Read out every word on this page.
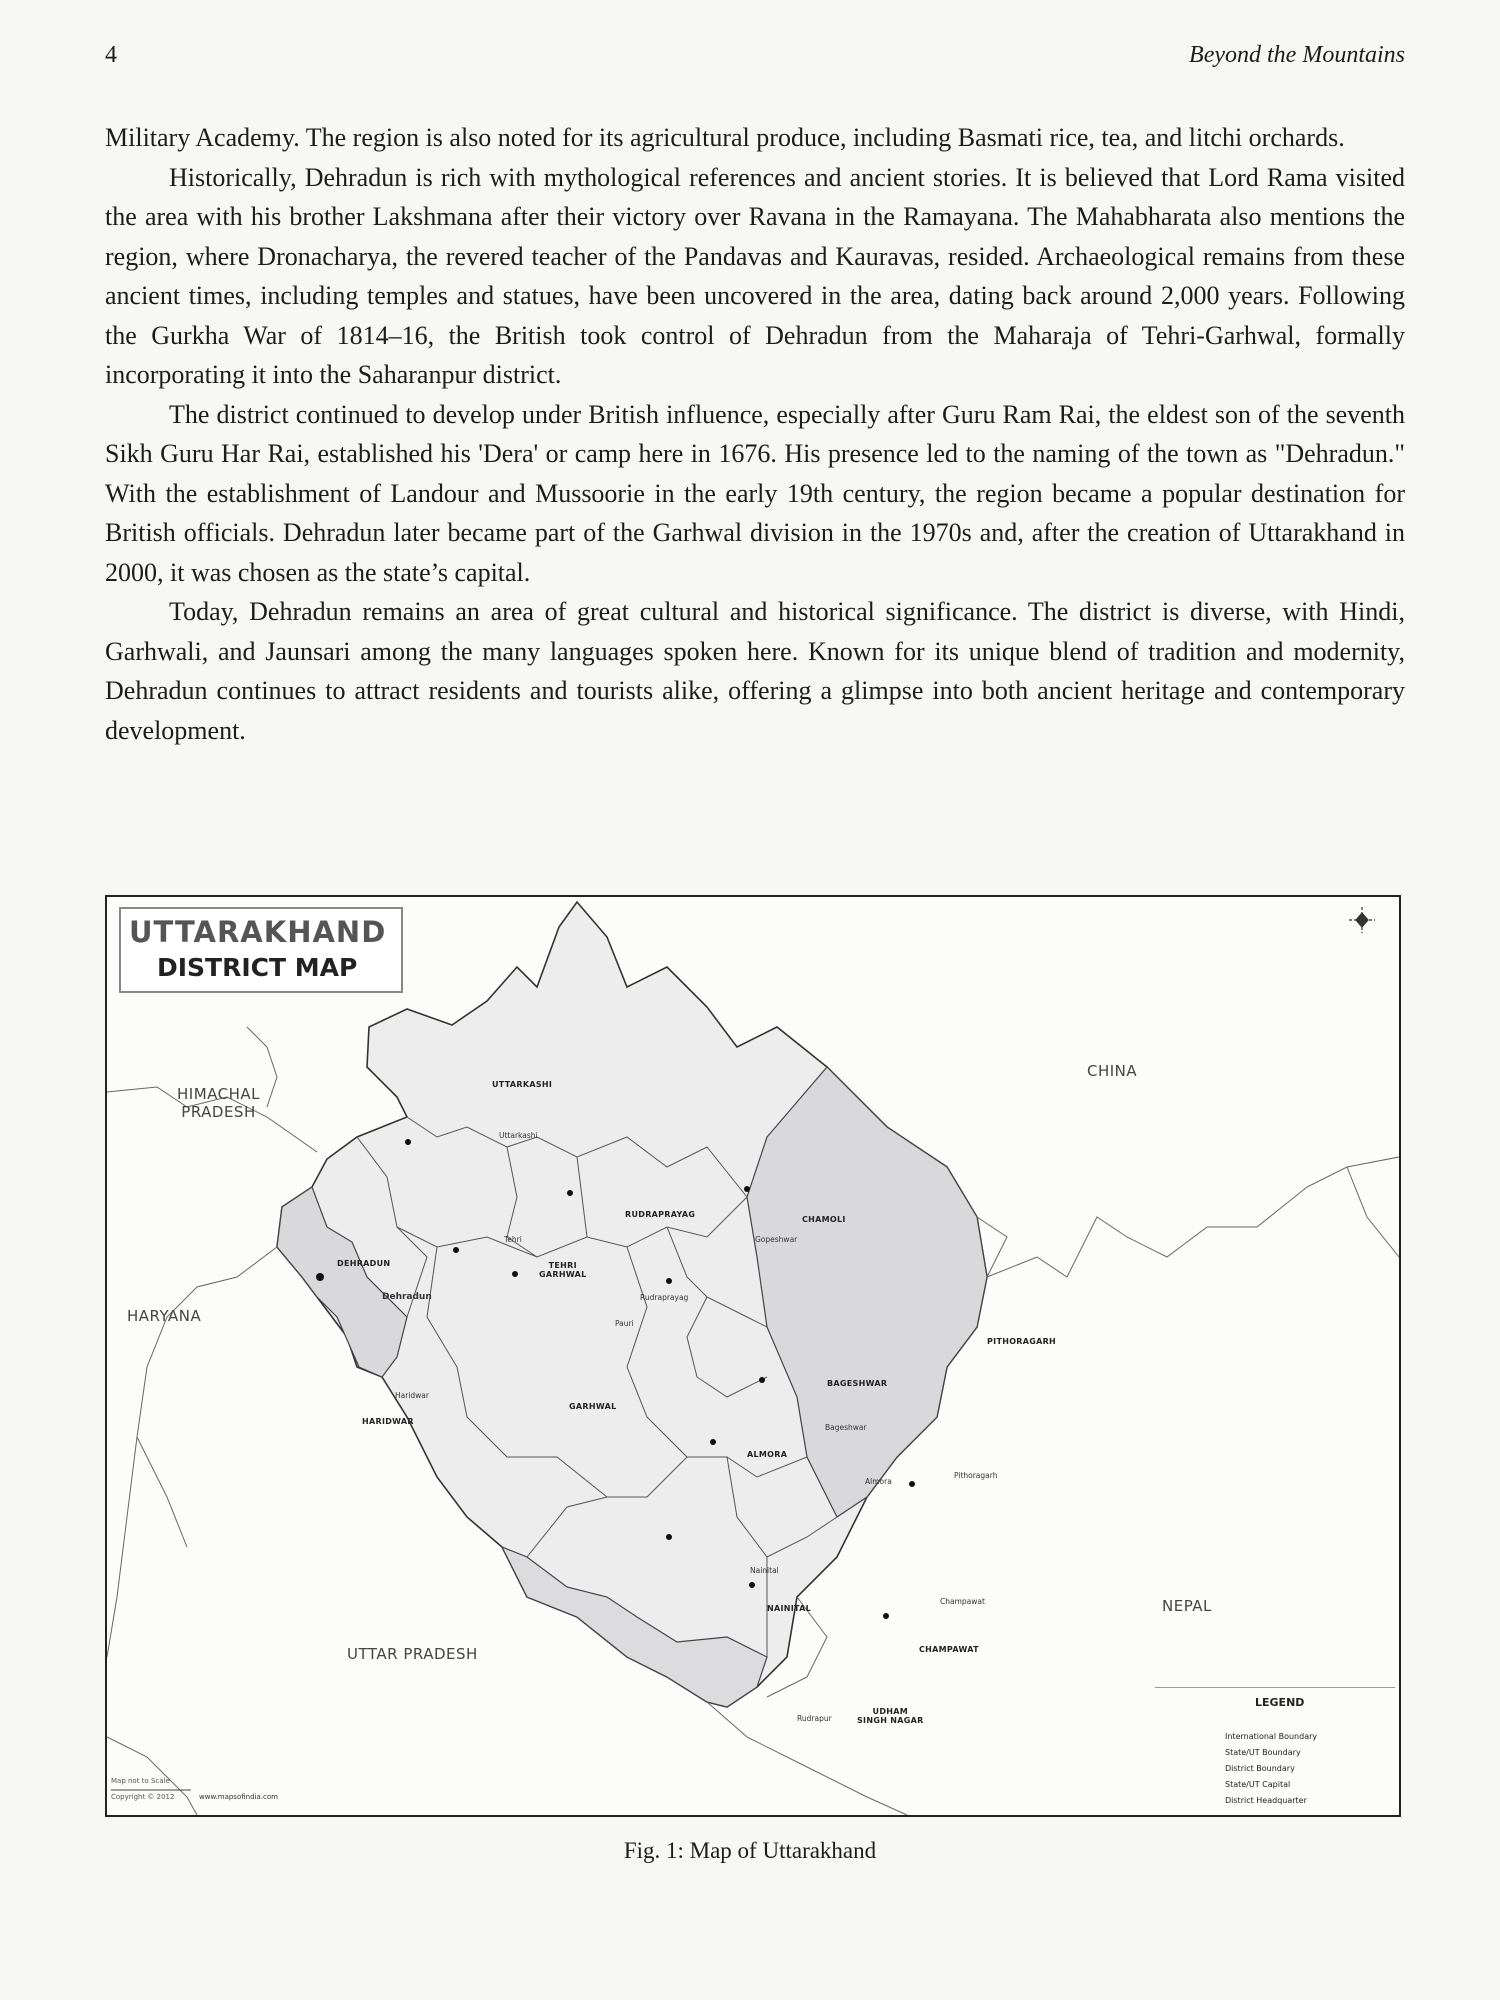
4	Beyond the Mountains

Military Academy. The region is also noted for its agricultural produce, including Basmati rice, tea, and litchi orchards.

Historically, Dehradun is rich with mythological references and ancient stories. It is believed that Lord Rama visited the area with his brother Lakshmana after their victory over Ravana in the Ramayana. The Mahabharata also mentions the region, where Dronacharya, the revered teacher of the Pandavas and Kauravas, resided. Archaeological remains from these ancient times, including temples and statues, have been uncovered in the area, dating back around 2,000 years. Following the Gurkha War of 1814–16, the British took control of Dehradun from the Maharaja of Tehri-Garhwal, formally incorporating it into the Saharanpur district.

The district continued to develop under British influence, especially after Guru Ram Rai, the eldest son of the seventh Sikh Guru Har Rai, established his 'Dera' or camp here in 1676. His presence led to the naming of the town as "Dehradun." With the establishment of Landour and Mussoorie in the early 19th century, the region became a popular destination for British officials. Dehradun later became part of the Garhwal division in the 1970s and, after the creation of Uttarakhand in 2000, it was chosen as the state’s capital.

Today, Dehradun remains an area of great cultural and historical significance. The district is diverse, with Hindi, Garhwali, and Jaunsari among the many languages spoken here. Known for its unique blend of tradition and modernity, Dehradun continues to attract residents and tourists alike, offering a glimpse into both ancient heritage and contemporary development.

UTTARAKHAND
DISTRICT MAP
HIMACHAL
PRADESH
HARYANA
CHINA
NEPAL
UTTAR PRADESH
UTTARKASHI
DEHRADUN	TEHRI
GARHWAL
RUDRAPRAYAG
CHAMOLI
PITHORAGARH
HARIDWAR
GARHWAL
BAGESHWAR
ALMORA
NAINITAL
CHAMPAWAT
UDHAM
SINGH NAGAR
Uttarkashi
Dehradun
Tehri	Gopeshwar
Rudraprayag
Pauri
Haridwar
Bageshwar
Almora
Pithoragarh
Nainital
Champawat
Rudrapur
LEGEND
International Boundary
State/UT Boundary
District Boundary
State/UT Capital
District Headquarter
Map not to Scale
Copyright © 2012	www.mapsofindia.com
Fig. 1: Map of Uttarakhand
